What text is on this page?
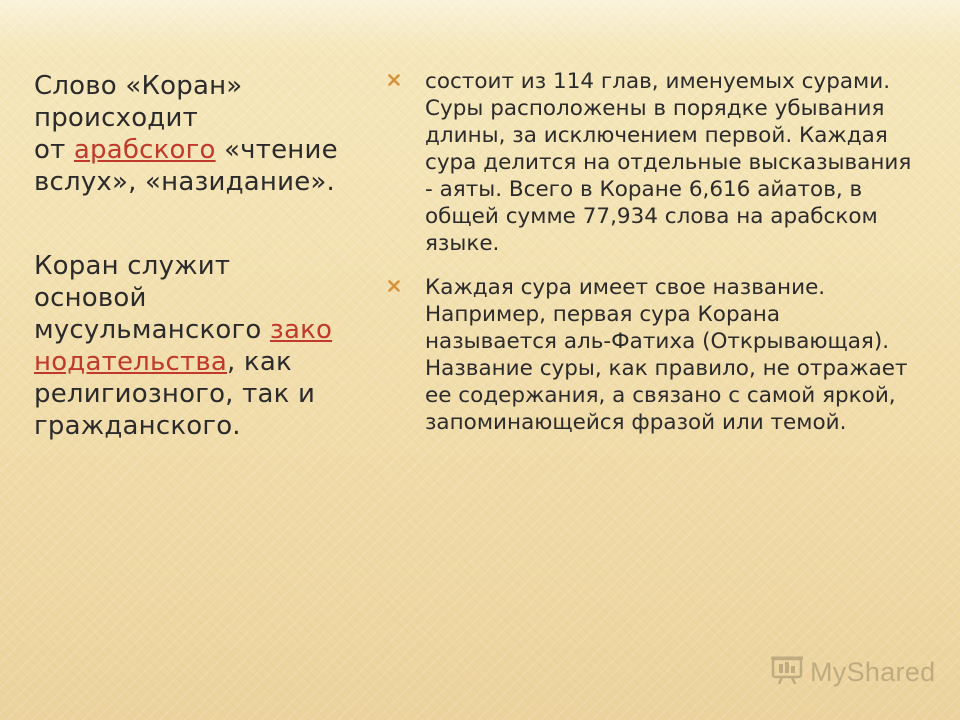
Слово «Коран»
происходит
от арабского «чтение
вслух», «назидание».

Коран служит
основой
мусульманского зако
нодательства, как
религиозного, так и
гражданского.

состоит из 114 глав, именуемых сурами. Суры расположены в порядке убывания длины, за исключением первой. Каждая сура делится на отдельные высказывания - аяты. Всего в Коране 6,616 айатов, в общей сумме 77,934 слова на арабском языке.
Каждая сура имеет свое название. Например, первая сура Корана называется аль-Фатиха (Открывающая). Название суры, как правило, не отражает ее содержания, а связано с самой яркой, запоминающейся фразой или темой.
MyShared
